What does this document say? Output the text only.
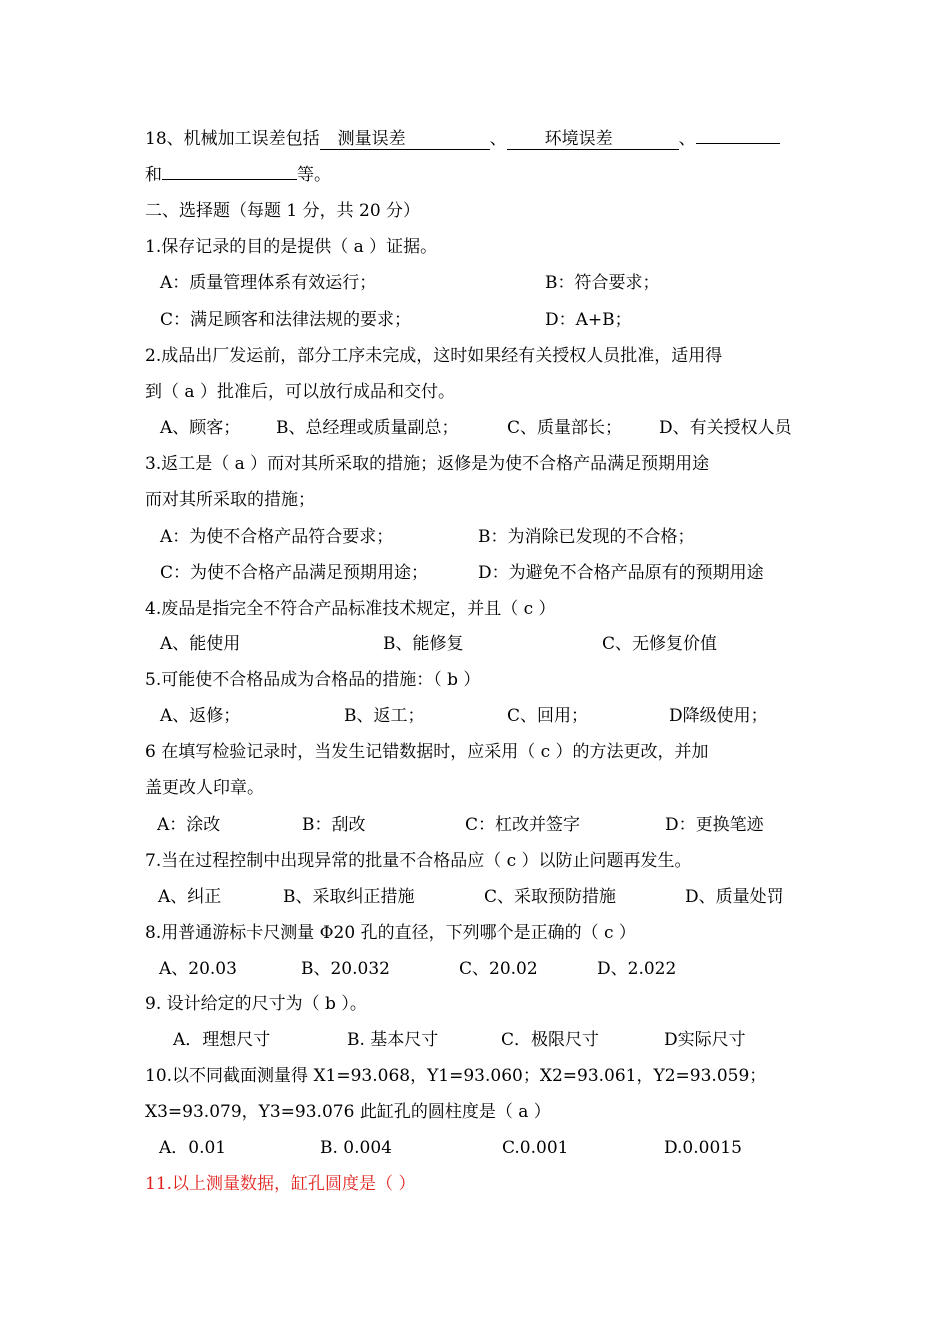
18、机械加工误差包括 测量误差	、 环境误差	、
和	等。
二、选择题（每题 1 分，共 20 分）
1.保存记录的目的是提供（ a ）证据。
A：质量管理体系有效运行；	B：符合要求；
C：满足顾客和法律法规的要求；	D：A+B；
2.成品出厂发运前，部分工序未完成，这时如果经有关授权人员批准，适用得
到（ a ）批准后，可以放行成品和交付。
A、顾客； B、总经理或质量副总；	C、质量部长； D、有关授权人员
3.返工是（ a ）而对其所采取的措施；返修是为使不合格产品满足预期用途
而对其所采取的措施；
A：为使不合格产品符合要求；	B：为消除已发现的不合格；
C：为使不合格产品满足预期用途；	D：为避免不合格产品原有的预期用途
4.废品是指完全不符合产品标准技术规定，并且（ c ）
A、能使用	B、能修复	C、无修复价值
5.可能使不合格品成为合格品的措施：（ b ）
A、返修；	B、返工；	C、回用；	D降级使用；
6 在填写检验记录时，当发生记错数据时，应采用（ c ）的方法更改，并加
盖更改人印章。
A：涂改	B：刮改	C：杠改并签字	D：更换笔迹
7.当在过程控制中出现异常的批量不合格品应（ c ）以防止问题再发生。
A、纠正	B、采取纠正措施	C、采取预防措施	D、质量处罚
8.用普通游标卡尺测量 Φ20 孔的直径，下列哪个是正确的（ c ）
A、20.03	B、20.032	C、20.02	D、2.022
9. 设计给定的尺寸为（ b ）。
A．理想尺寸	B. 基本尺寸	C．极限尺寸	D实际尺寸
10.以不同截面测量得 X1=93.068，Y1=93.060；X2=93.061，Y2=93.059；
X3=93.079，Y3=93.076 此缸孔的圆柱度是（ a ）
A．0.01	B. 0.004	C.0.001	D.0.0015
11.以上测量数据，缸孔圆度是（ ）
